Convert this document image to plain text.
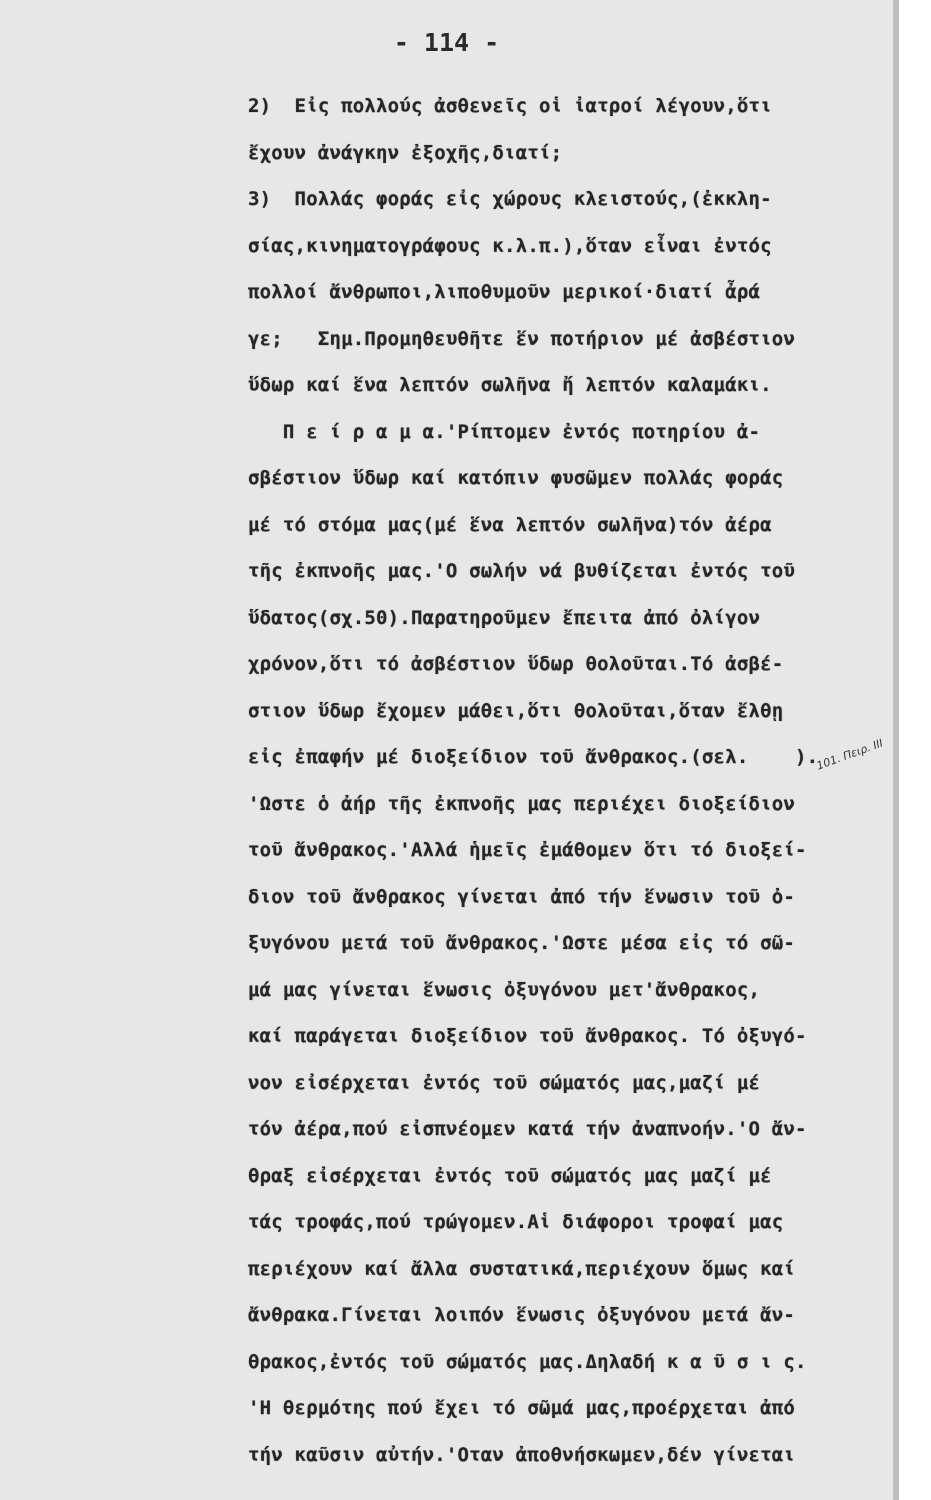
- 114 -
2)  Εἰς πολλούς ἀσθενεῖς οἱ ἰατροί λέγουν,ὅτι
ἔχουν ἀνάγκην ἐξοχῆς,διατί;
3)  Πολλάς φοράς εἰς χώρους κλειστούς,(ἐκκλη-
σίας,κινηματογράφους κ.λ.π.),ὅταν εἶναι ἐντός
πολλοί ἄνθρωποι,λιποθυμοῦν μερικοί·διατί ἆρά
γε;   Σημ.Προμηθευθῆτε ἕν ποτήριον μέ ἀσβέστιον
ὕδωρ καί ἕνα λεπτόν σωλῆνα ἤ λεπτόν καλαμάκι.
Π ε ί ρ α μ α.'Ρίπτομεν ἐντός ποτηρίου ἀ-
σβέστιον ὕδωρ καί κατόπιν φυσῶμεν πολλάς φοράς
μέ τό στόμα μας(μέ ἕνα λεπτόν σωλῆνα)τόν ἀέρα
τῆς ἐκπνοῆς μας.'Ο σωλήν νά βυθίζεται ἐντός τοῦ
ὕδατος(σχ.50).Παρατηροῦμεν ἔπειτα ἀπό ὀλίγον
χρόνον,ὅτι τό ἀσβέστιον ὕδωρ θολοῦται.Τό ἀσβέ-
στιον ὕδωρ ἔχομεν μάθει,ὅτι θολοῦται,ὅταν ἔλθῃ
εἰς ἐπαφήν μέ διοξείδιον τοῦ ἄνθρακος.(σελ.    ).
'Ωστε ὁ ἀήρ τῆς ἐκπνοῆς μας περιέχει διοξείδιον
τοῦ ἄνθρακος.'Αλλά ἡμεῖς ἐμάθομεν ὅτι τό διοξεί-
διον τοῦ ἄνθρακος γίνεται ἀπό τήν ἕνωσιν τοῦ ὀ-
ξυγόνου μετά τοῦ ἄνθρακος.'Ωστε μέσα εἰς τό σῶ-
μά μας γίνεται ἕνωσις ὀξυγόνου μετ'ἄνθρακος,
καί παράγεται διοξείδιον τοῦ ἄνθρακος. Τό ὀξυγό-
νον εἰσέρχεται ἐντός τοῦ σώματός μας,μαζί μέ
τόν ἀέρα,πού εἰσπνέομεν κατά τήν ἀναπνοήν.'Ο ἄν-
θραξ εἰσέρχεται ἐντός τοῦ σώματός μας μαζί μέ
τάς τροφάς,πού τρώγομεν.Αἱ διάφοροι τροφαί μας
περιέχουν καί ἄλλα συστατικά,περιέχουν ὅμως καί
ἄνθρακα.Γίνεται λοιπόν ἕνωσις ὀξυγόνου μετά ἄν-
θρακος,ἐντός τοῦ σώματός μας.Δηλαδή κ α ῦ σ ι ς.
'Η θερμότης πού ἔχει τό σῶμά μας,προέρχεται ἀπό
τήν καῦσιν αὐτήν.'Οταν ἀποθνήσκωμεν,δέν γίνεται
101. Πειρ. III
